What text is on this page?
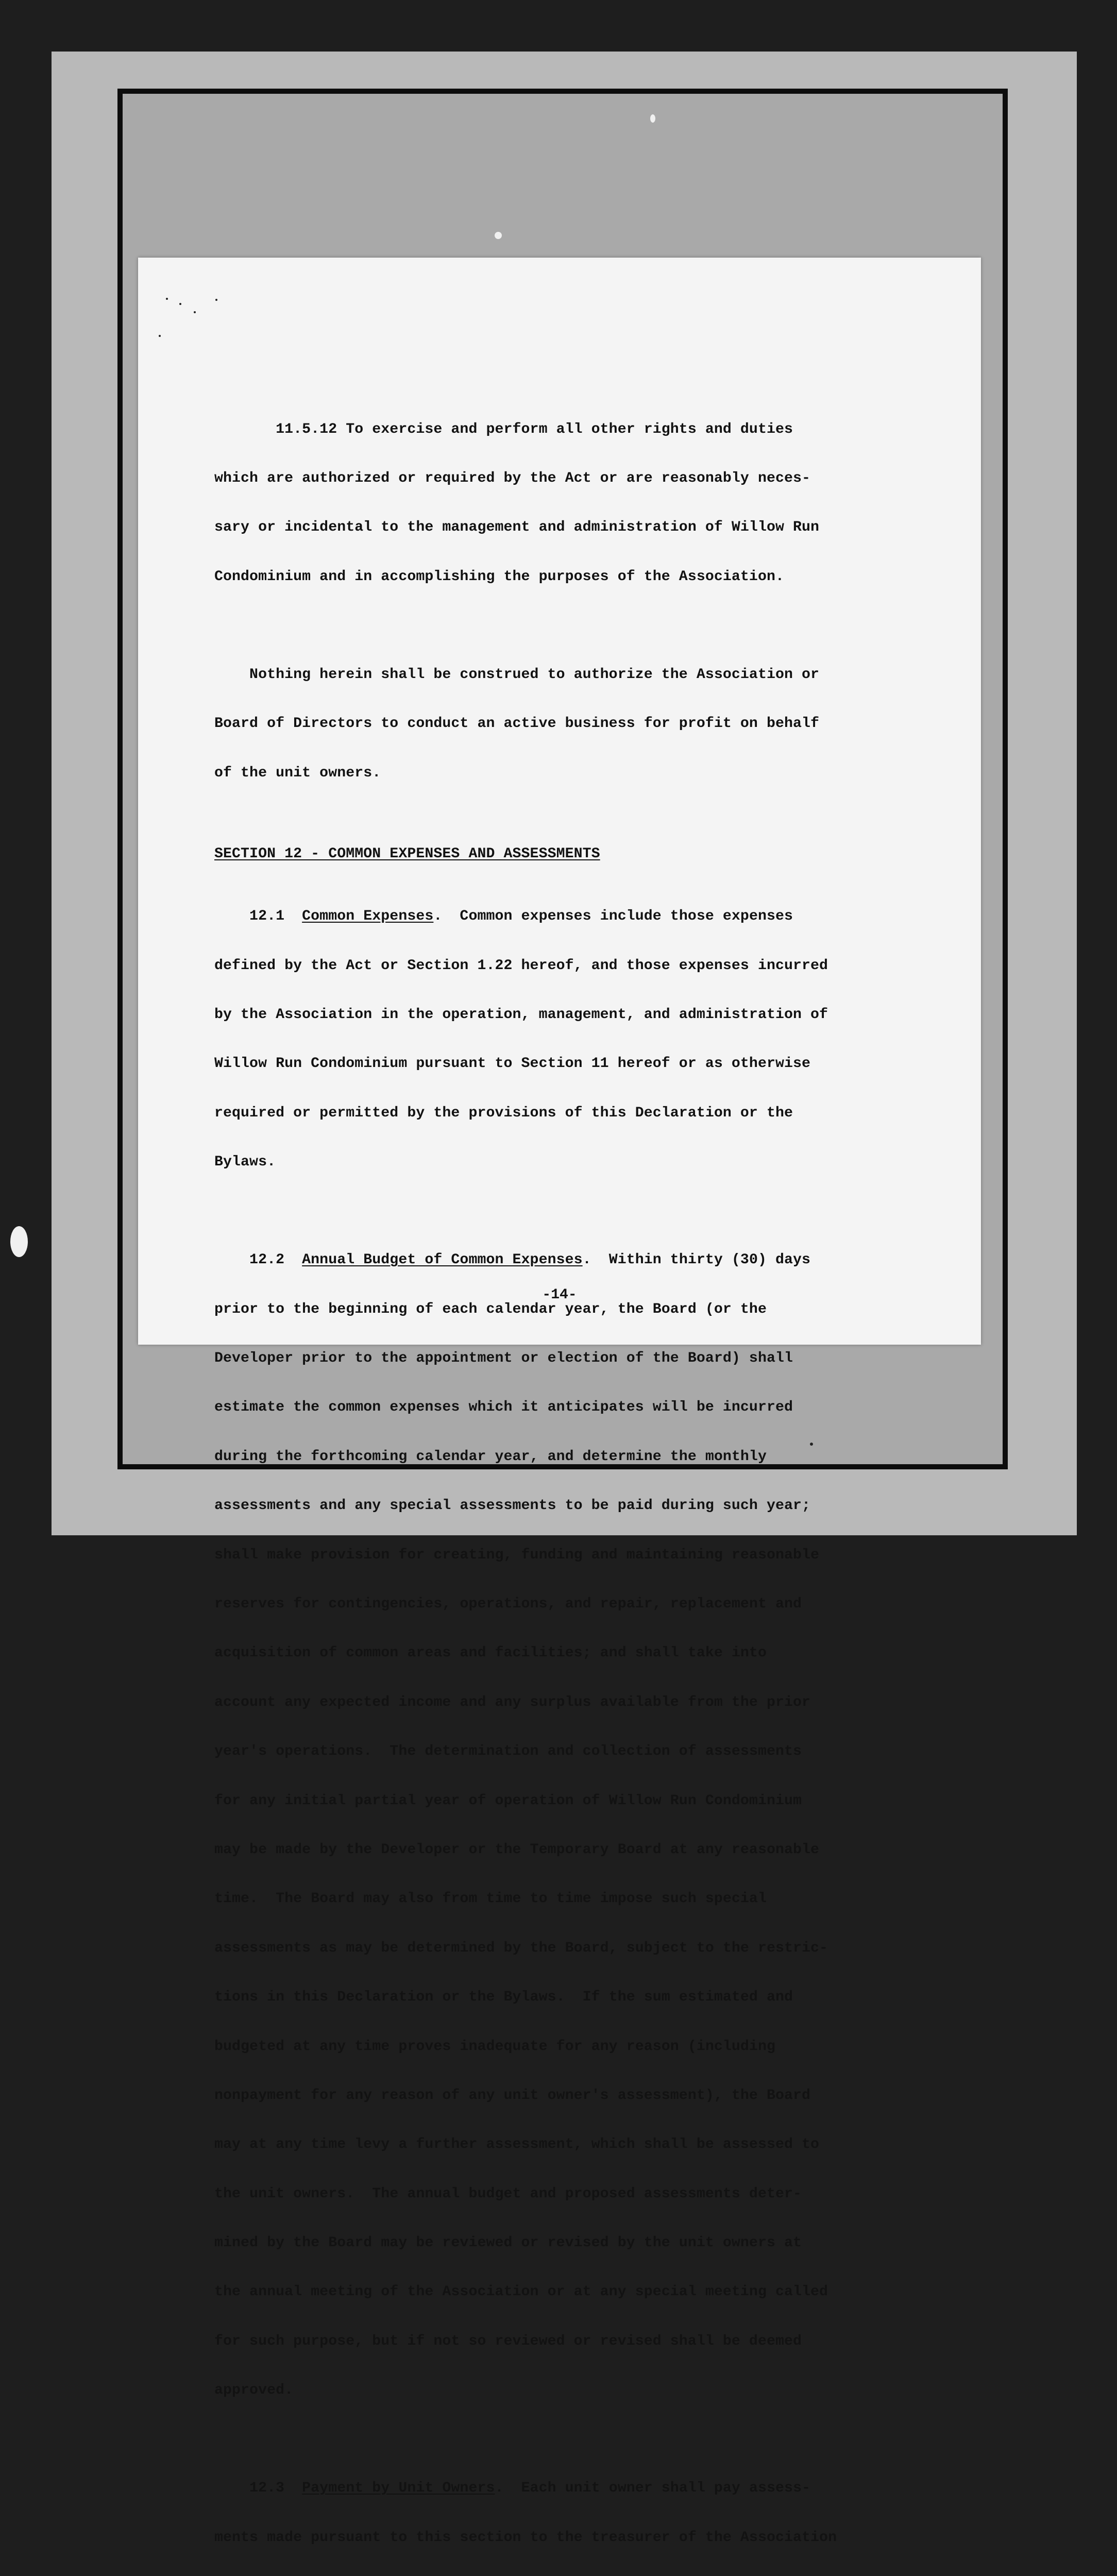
11.5.12 To exercise and perform all other rights and duties

which are authorized or required by the Act or are reasonably neces-

sary or incidental to the management and administration of Willow Run

Condominium and in accomplishing the purposes of the Association.

Nothing herein shall be construed to authorize the Association or

Board of Directors to conduct an active business for profit on behalf

of the unit owners.

SECTION 12 - COMMON EXPENSES AND ASSESSMENTS

12.1  Common Expenses.  Common expenses include those expenses

defined by the Act or Section 1.22 hereof, and those expenses incurred

by the Association in the operation, management, and administration of

Willow Run Condominium pursuant to Section 11 hereof or as otherwise

required or permitted by the provisions of this Declaration or the

Bylaws.

12.2  Annual Budget of Common Expenses.  Within thirty (30) days

prior to the beginning of each calendar year, the Board (or the

Developer prior to the appointment or election of the Board) shall

estimate the common expenses which it anticipates will be incurred

during the forthcoming calendar year, and determine the monthly

assessments and any special assessments to be paid during such year;

shall make provision for creating, funding and maintaining reasonable

reserves for contingencies, operations, and repair, replacement and

acquisition of common areas and facilities; and shall take into

account any expected income and any surplus available from the prior

year's operations.  The determination and collection of assessments

for any initial partial year of operation of Willow Run Condominium

may be made by the Developer or the Temporary Board at any reasonable

time.  The Board may also from time to time impose such special

assessments as may be determined by the Board, subject to the restric-

tions in this Declaration or the Bylaws.  If the sum estimated and

budgeted at any time proves inadequate for any reason (including

nonpayment for any reason of any unit owner's assessment), the Board

may at any time levy a further assessment, which shall be assessed to

the unit owners.  The annual budget and proposed assessments deter-

mined by the Board may be reviewed or revised by the unit owners at

the annual meeting of the Association or at any special meeting called

for such purpose, but if not so reviewed or revised shall be deemed

approved.

12.3  Payment by Unit Owners.  Each unit owner shall pay assess-

ments made pursuant to this section to the treasurer of the Association

-14-
